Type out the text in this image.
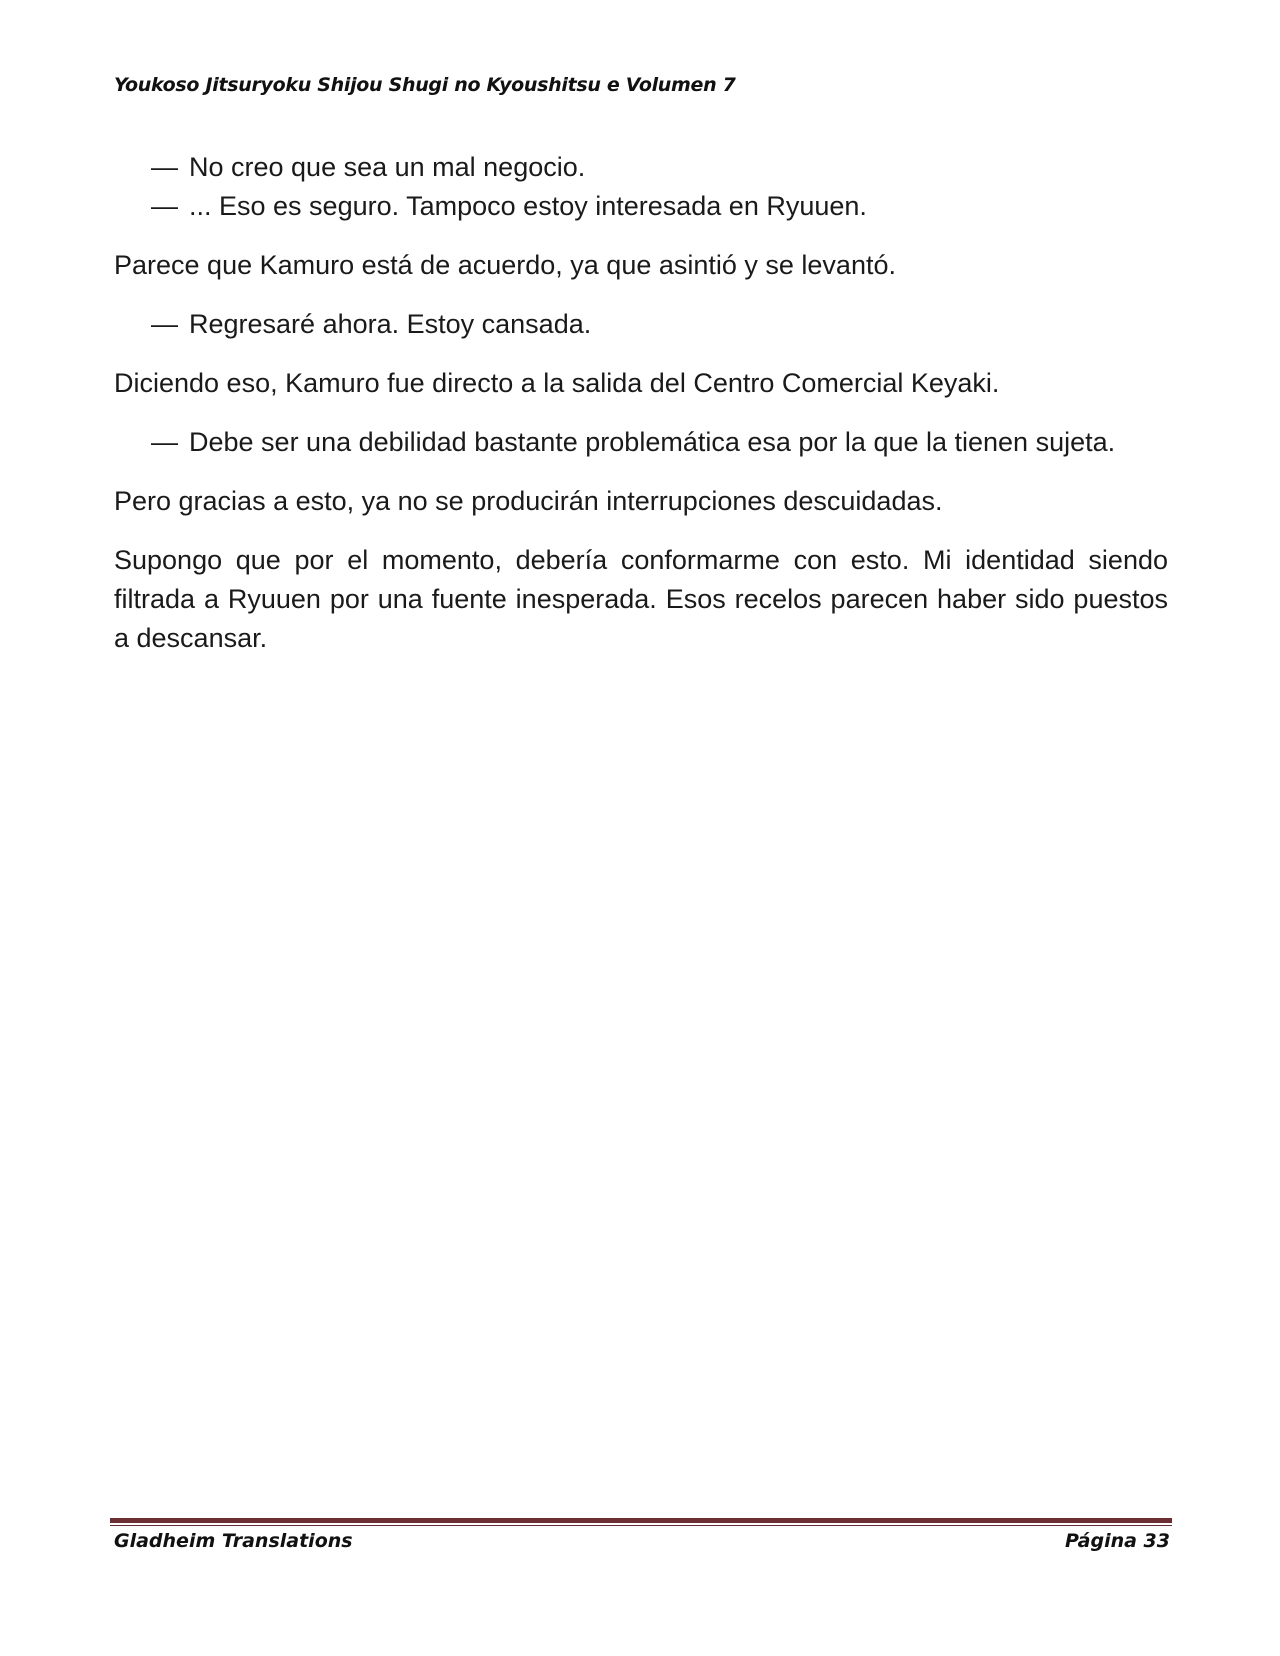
Youkoso Jitsuryoku Shijou Shugi no Kyoushitsu e Volumen 7

— No creo que sea un mal negocio.

— ... Eso es seguro. Tampoco estoy interesada en Ryuuen.

Parece que Kamuro está de acuerdo, ya que asintió y se levantó.

— Regresaré ahora. Estoy cansada.

Diciendo eso, Kamuro fue directo a la salida del Centro Comercial Keyaki.

— Debe ser una debilidad bastante problemática esa por la que la tienen sujeta.

Pero gracias a esto, ya no se producirán interrupciones descuidadas.

Supongo que por el momento, debería conformarme con esto. Mi identidad siendo filtrada a Ryuuen por una fuente inesperada. Esos recelos parecen haber sido puestos a descansar.

Gladheim Translations	Página 33
